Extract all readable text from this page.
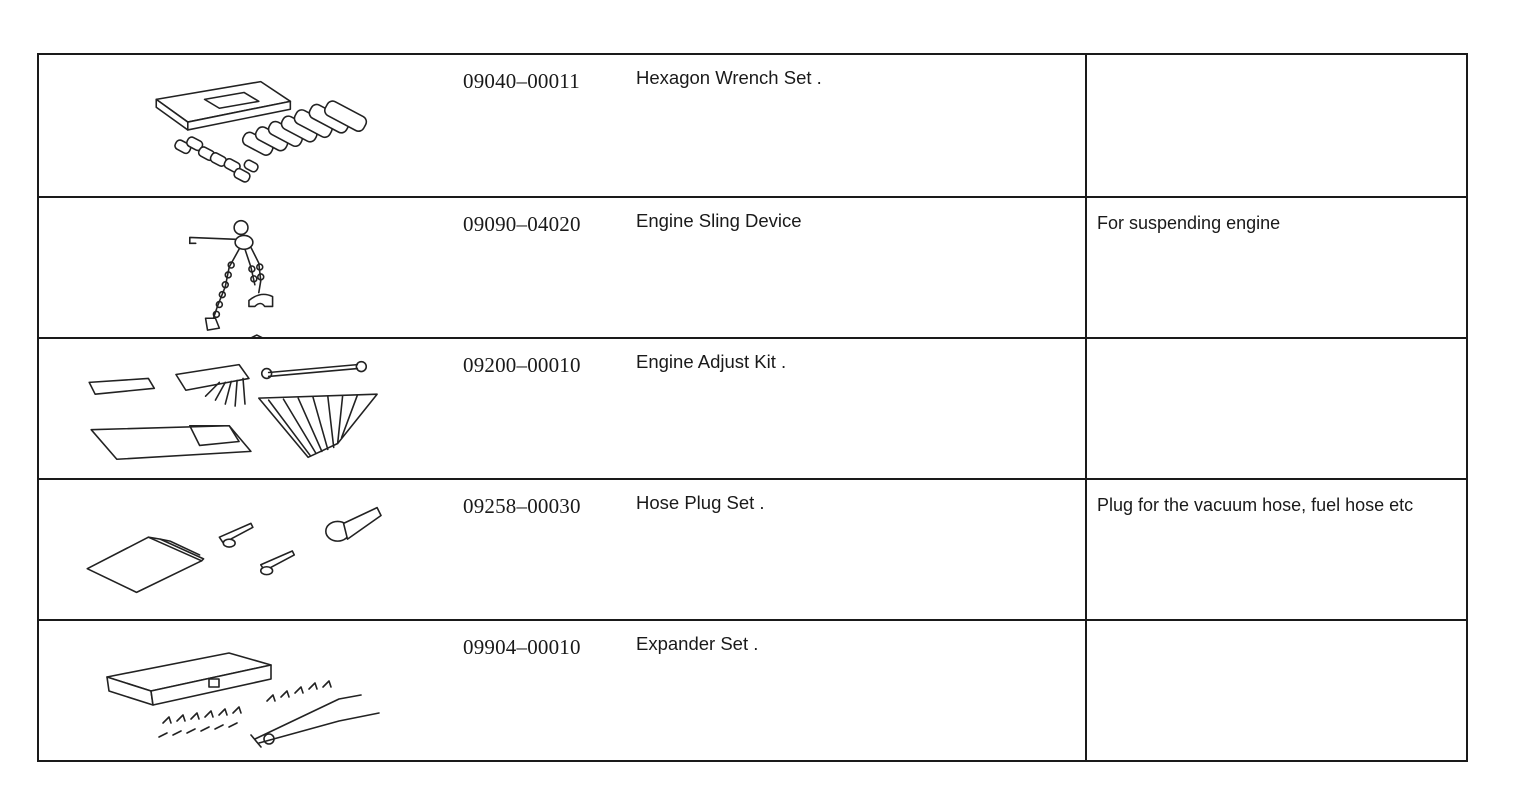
09040–00011	Hexagon Wrench Set .
09090–04020	Engine Sling Device	For suspending engine
09200–00010	Engine Adjust Kit .
09258–00030	Hose Plug Set .	Plug for the vacuum hose, fuel hose etc
09904–00010	Expander Set .
